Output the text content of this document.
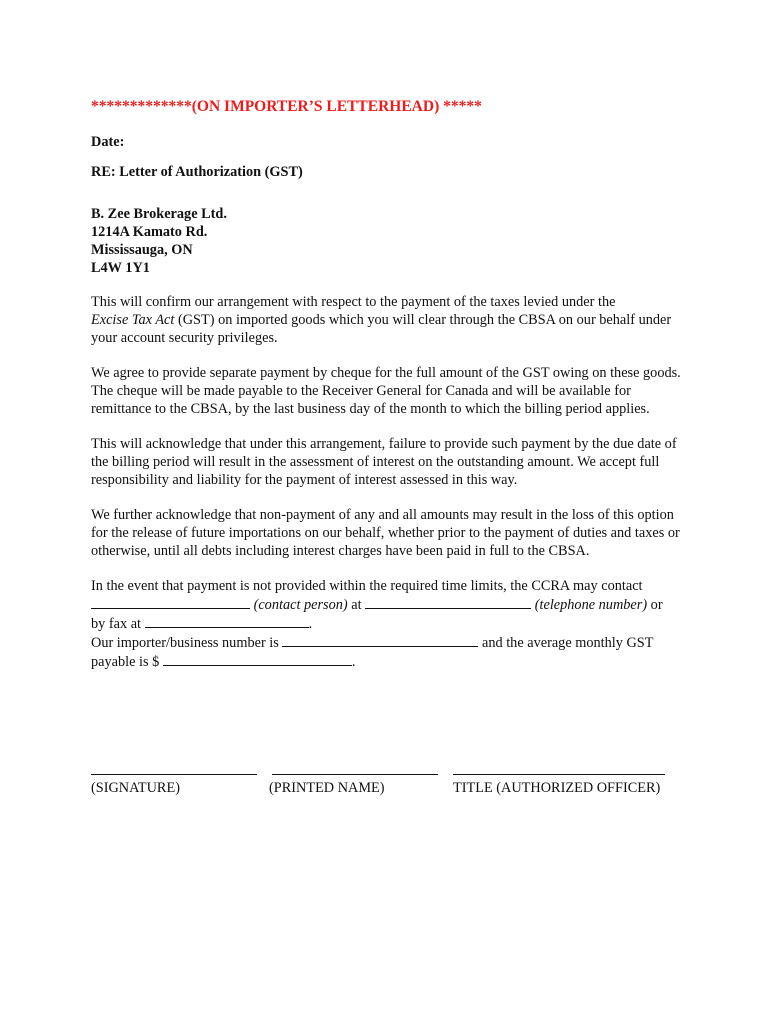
*************(ON IMPORTER’S LETTERHEAD) *****
Date:
RE: Letter of Authorization (GST)
B. Zee Brokerage Ltd.
1214A Kamato Rd.
Mississauga, ON
L4W 1Y1

This will confirm our arrangement with respect to the payment of the taxes levied under the
Excise Tax Act (GST) on imported goods which you will clear through the CBSA on our behalf under your account security privileges.

We agree to provide separate payment by cheque for the full amount of the GST owing on these goods. The cheque will be made payable to the Receiver General for Canada and will be available for remittance to the CBSA, by the last business day of the month to which the billing period applies.

This will acknowledge that under this arrangement, failure to provide such payment by the due date of the billing period will result in the assessment of interest on the outstanding amount. We accept full responsibility and liability for the payment of interest assessed in this way.

We further acknowledge that non-payment of any and all amounts may result in the loss of this option for the release of future importations on our behalf, whether prior to the payment of duties and taxes or otherwise, until all debts including interest charges have been paid in full to the CBSA.

In the event that payment is not provided within the required time limits, the CCRA may contact
(contact person) at	(telephone number) or
by fax at	.
Our importer/business number is	and the average monthly GST
payable is $	.
(SIGNATURE)	(PRINTED NAME)	TITLE (AUTHORIZED OFFICER)
